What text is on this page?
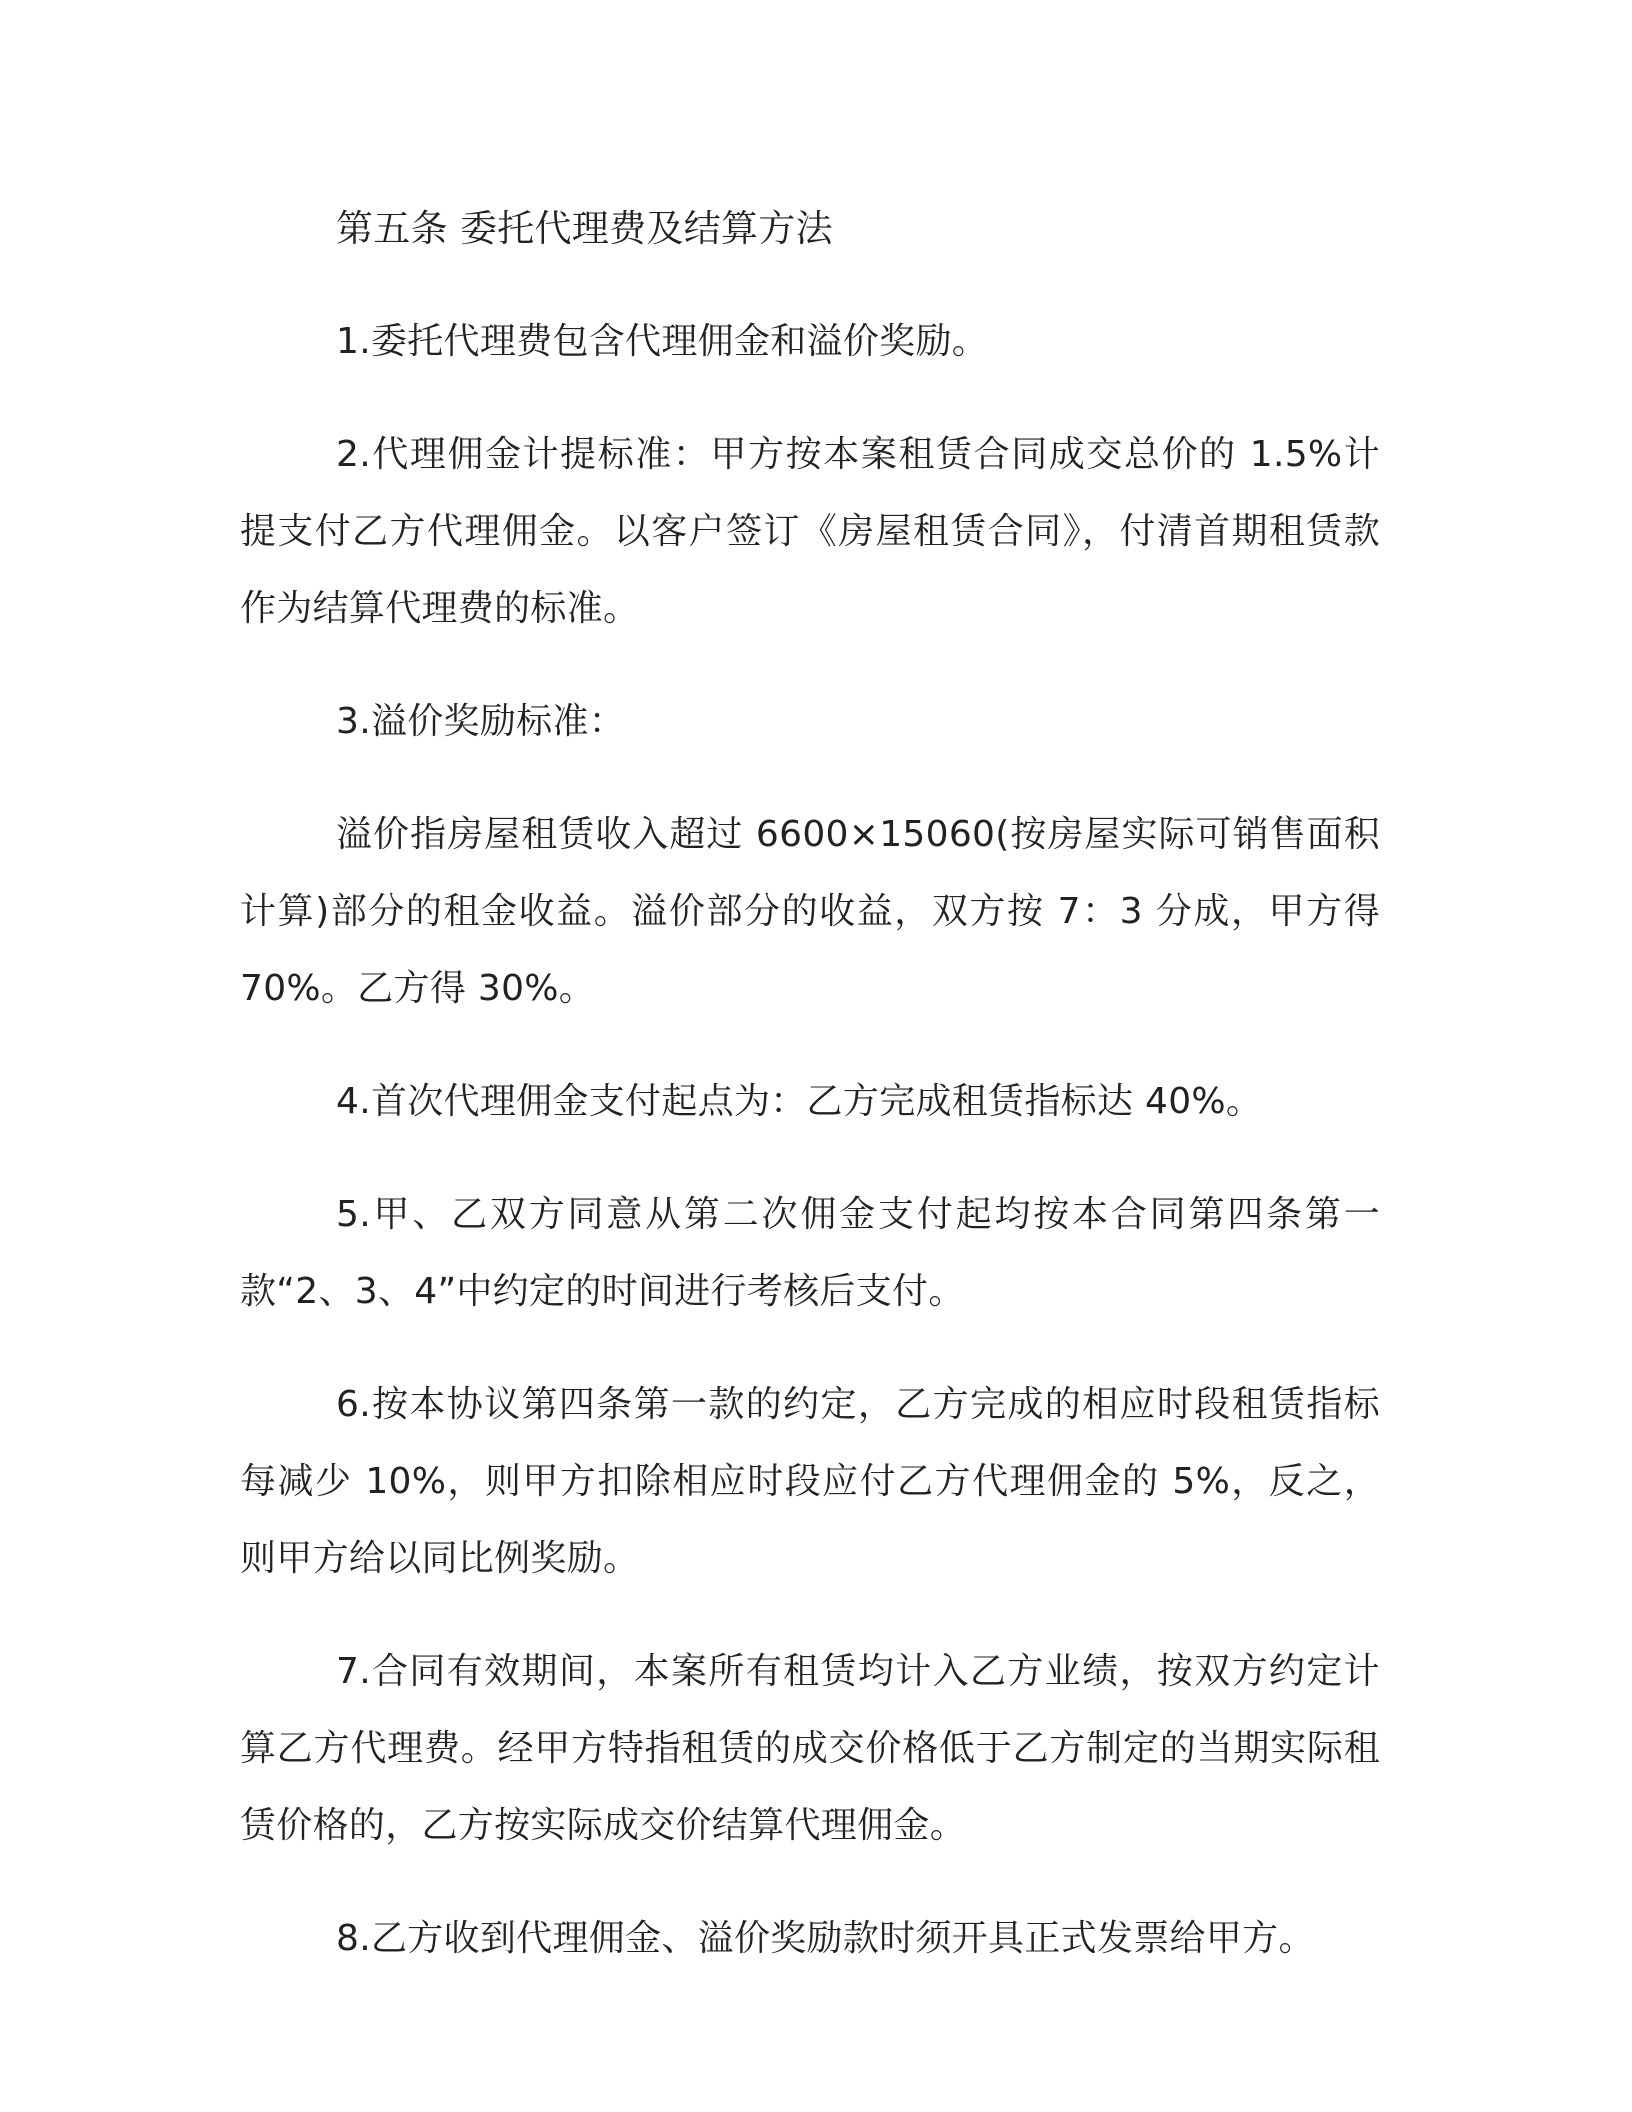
第五条 委托代理费及结算方法

1.委托代理费包含代理佣金和溢价奖励。

2.代理佣金计提标准：甲方按本案租赁合同成交总价的 1.5%计提支付乙方代理佣金。以客户签订《房屋租赁合同》，付清首期租赁款作为结算代理费的标准。

3.溢价奖励标准：

溢价指房屋租赁收入超过 6600×15060(按房屋实际可销售面积计算)部分的租金收益。溢价部分的收益，双方按 7：3 分成，甲方得 70%。乙方得 30%。

4.首次代理佣金支付起点为：乙方完成租赁指标达 40%。

5.甲、乙双方同意从第二次佣金支付起均按本合同第四条第一款“2、3、4”中约定的时间进行考核后支付。

6.按本协议第四条第一款的约定，乙方完成的相应时段租赁指标每减少 10%，则甲方扣除相应时段应付乙方代理佣金的 5%，反之，则甲方给以同比例奖励。

7.合同有效期间，本案所有租赁均计入乙方业绩，按双方约定计算乙方代理费。经甲方特指租赁的成交价格低于乙方制定的当期实际租赁价格的，乙方按实际成交价结算代理佣金。

8.乙方收到代理佣金、溢价奖励款时须开具正式发票给甲方。
